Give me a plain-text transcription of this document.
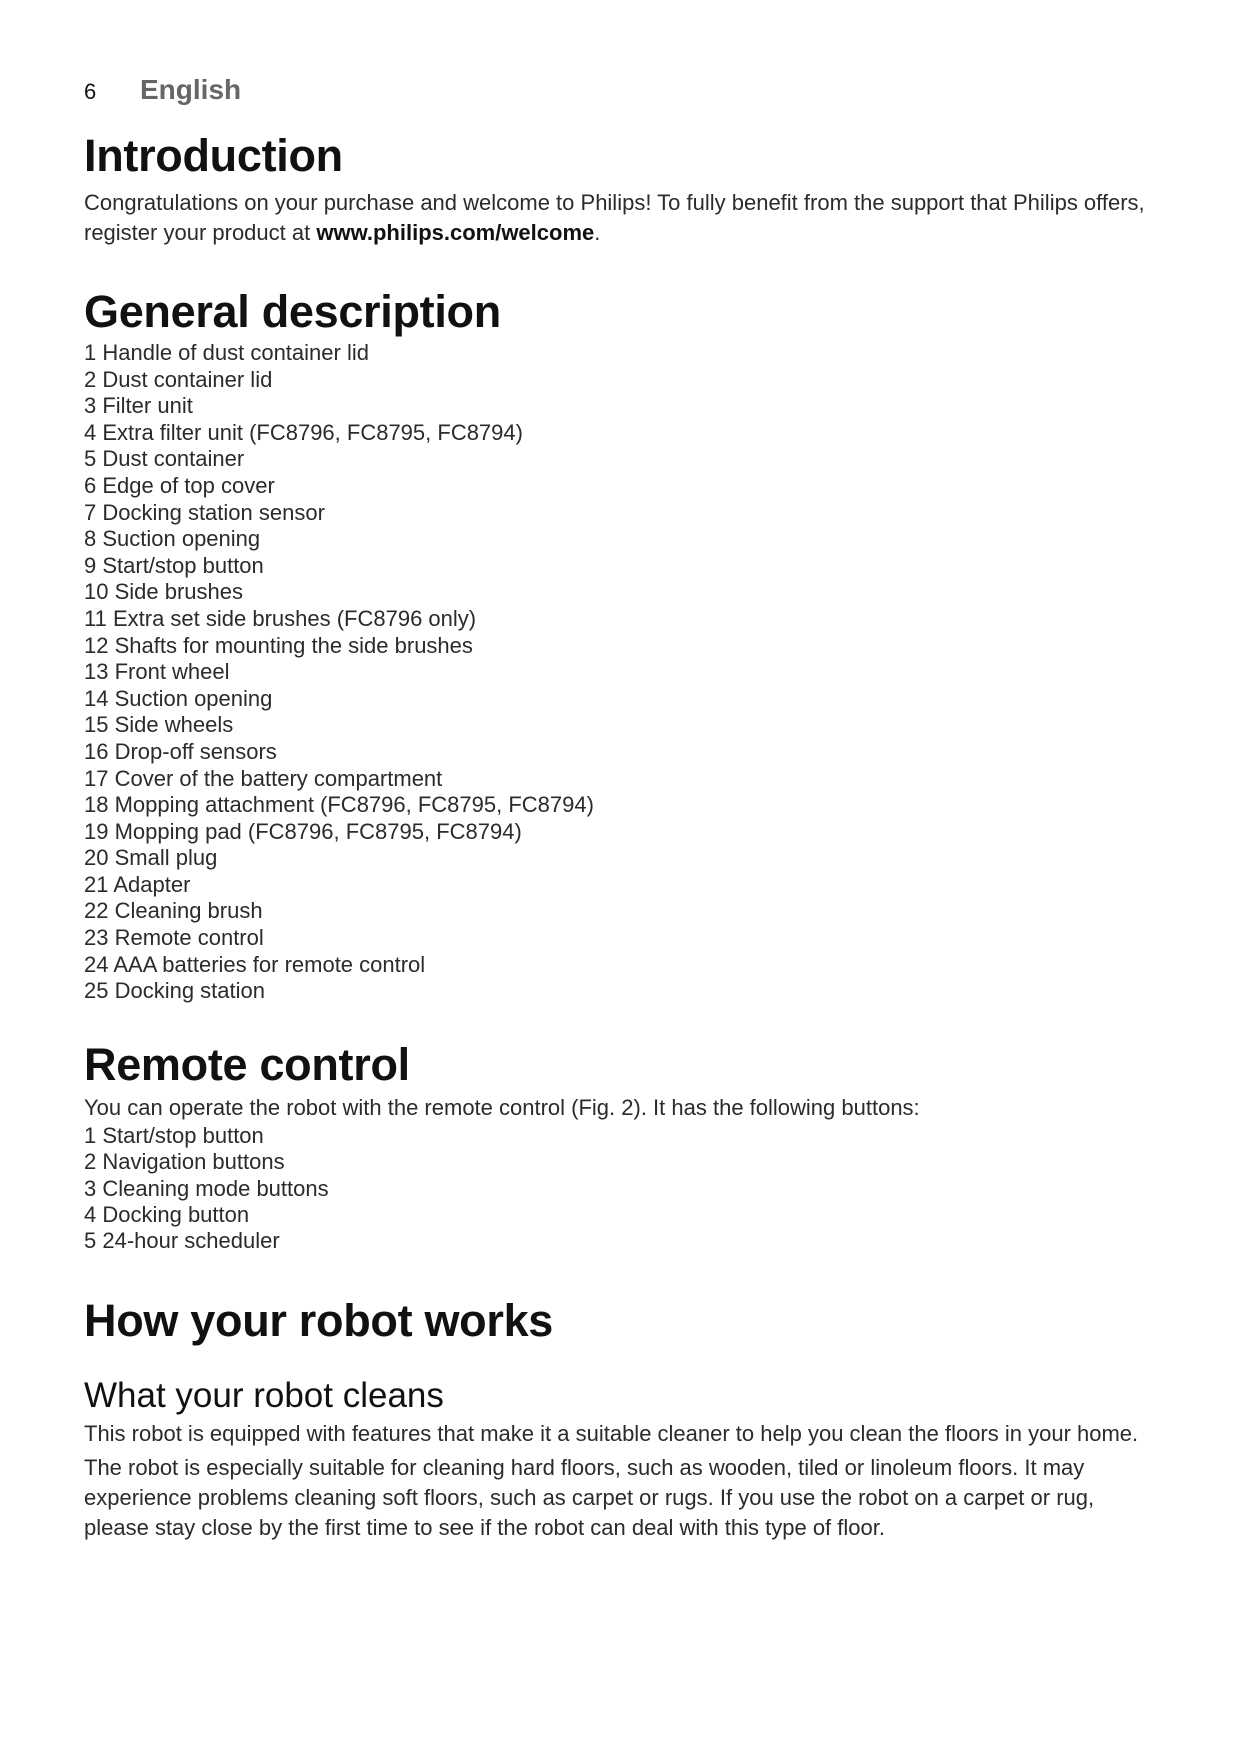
6	English
Introduction

Congratulations on your purchase and welcome to Philips! To fully benefit from the support that Philips offers, register your product at www.philips.com/welcome.

General description
1 Handle of dust container lid
2 Dust container lid
3 Filter unit
4 Extra filter unit (FC8796, FC8795, FC8794)
5 Dust container
6 Edge of top cover
7 Docking station sensor
8 Suction opening
9 Start/stop button
10 Side brushes
11 Extra set side brushes (FC8796 only)
12 Shafts for mounting the side brushes
13 Front wheel
14 Suction opening
15 Side wheels
16 Drop-off sensors
17 Cover of the battery compartment
18 Mopping attachment (FC8796, FC8795, FC8794)
19 Mopping pad (FC8796, FC8795, FC8794)
20 Small plug
21 Adapter
22 Cleaning brush
23 Remote control
24 AAA batteries for remote control
25 Docking station
Remote control

You can operate the robot with the remote control (Fig. 2). It has the following buttons:

1 Start/stop button
2 Navigation buttons
3 Cleaning mode buttons
4 Docking button
5 24-hour scheduler
How your robot works
What your robot cleans

This robot is equipped with features that make it a suitable cleaner to help you clean the floors in your home.

The robot is especially suitable for cleaning hard floors, such as wooden, tiled or linoleum floors. It may experience problems cleaning soft floors, such as carpet or rugs. If you use the robot on a carpet or rug, please stay close by the first time to see if the robot can deal with this type of floor.
